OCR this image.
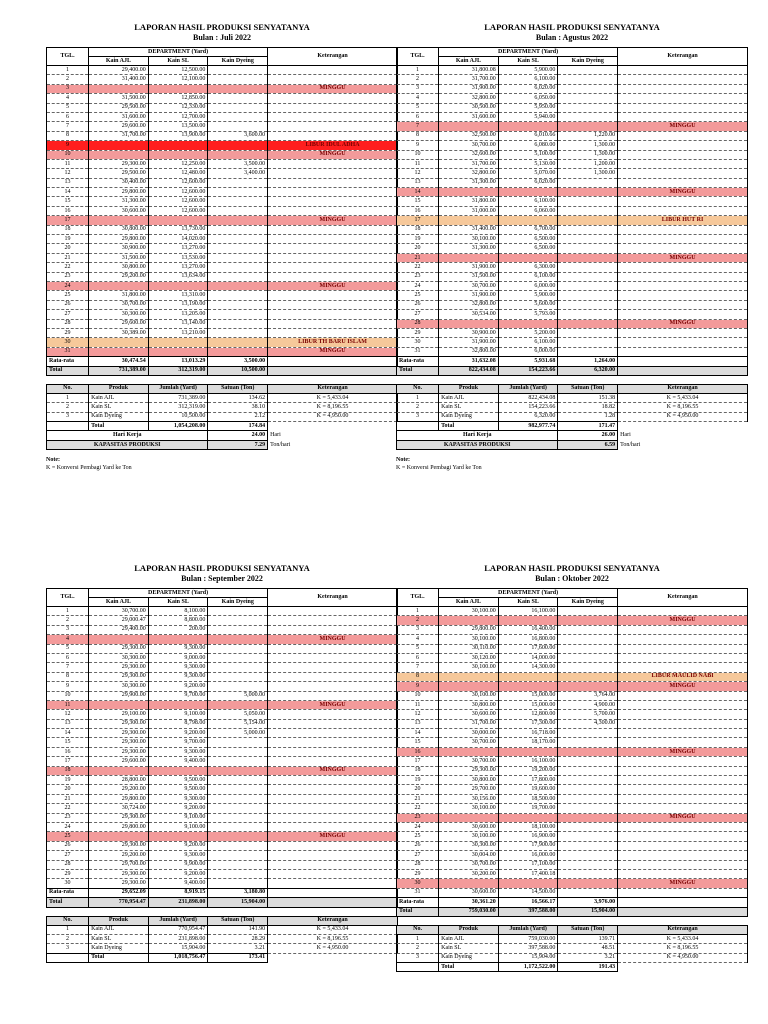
LAPORAN HASIL PRODUKSI SENYATANYA
Bulan : Juli 2022
TGL.	DEPARTMENT (Yard)			Keterangan
	Kain AJL	Kain SL	Kain Dyeing	
1	29,400.00	12,500.00		
2	31,400.00	12,100.00		
3				MINGGU
4	31,500.00	12,850.00		
5	29,500.00	12,330.00		
6	31,600.00	12,700.00		
7	29,600.00	13,500.00		
8	31,700.00	13,900.00	3,600.00	
9				LIBUR IDUL ADHA
10				MINGGU
11	29,300.00	12,250.00	3,500.00	
12	29,500.00	12,480.00	3,400.00	
13	30,400.00	12,600.00		
14	29,800.00	12,600.00		
15	31,300.00	12,600.00		
16	30,600.00	12,600.00		
17				MINGGU
18	30,800.00	13,730.00		
19	29,800.00	14,020.00		
20	30,900.00	13,270.00		
21	31,500.00	13,530.00		
22	30,800.00	13,270.00		
23	29,200.00	13,634.00		
24				MINGGU
25	31,800.00	13,310.00		
26	30,700.00	13,190.00		
27	30,300.00	13,205.00		
28	29,600.00	13,140.00		
29	30,389.00	13,210.00		
30				LIBUR TH BARU ISLAM
31				MINGGU
Rata-rata	30,474.54	13,013.29	3,500.00	
Total	731,389.00	312,319.00	10,500.00	
No.	Produk	Jumlah (Yard)	Satuan (Ton)	Keterangan
1	Kain AJL	731,389.00	134.62	K = 5,433.04
2	Kain SL	312,319.00	38.10	K = 8,196.55
3	Kain Dyeing	10,500.00	2.12	K = 4,950.00
	Total	1,054,208.00	174.84	
Hari Kerja			24.00	Hari
KAPASITAS PRODUKSI			7.29	Ton/hari
Note:
K = Konversi Pembagi Yard ke Ton
LAPORAN HASIL PRODUKSI SENYATANYA
Bulan : Agustus 2022
TGL.	DEPARTMENT (Yard)			Keterangan
	Kain AJL	Kain SL	Kain Dyeing	
1	31,800.08	5,900.00		
2	31,700.00	6,100.00		
3	31,900.00	6,020.00		
4	32,800.00	6,050.00		
5	30,500.00	5,950.00		
6	31,600.00	5,940.00		
7				MINGGU
8	32,500.00	6,010.66	1,220.00	
9	30,700.00	6,080.00	1,300.00	
10	32,600.00	5,100.00	1,300.00	
11	31,700.00	5,130.00	1,200.00	
12	32,800.00	5,070.00	1,300.00	
13	31,300.00	6,020.00		
14				MINGGU
15	31,800.00	6,100.00		
16	31,000.00	6,060.00		
17				LIBUR HUT RI
18	31,400.00	6,700.00		
19	30,100.00	6,500.00		
20	31,300.00	6,500.00		
21				MINGGU
22	31,900.00	6,300.00		
23	31,500.00	6,100.00		
24	30,700.00	6,000.00		
25	31,900.00	5,900.00		
26	32,800.00	5,600.00		
27	30,534.00	5,793.00		
28				MINGGU
29	30,900.00	5,200.00		
30	31,900.00	6,100.00		
31	32,800.00	6,000.00		
Rata-rata	31,632.08	5,931.68	1,264.00	
Total	822,434.08	154,223.66	6,320.00	
No.	Produk	Jumlah (Yard)	Satuan (Ton)	Keterangan
1	Kain AJL	822,434.08	151.38	K = 5,433.04
2	Kain SL	154,223.66	18.82	K = 8,196.55
3	Kain Dyeing	6,320.00	1.28	K = 4,950.00
	Total	982,977.74	171.47	
Hari Kerja			26.00	Hari
KAPASITAS PRODUKSI			6.59	Ton/hari
Note:
K = Konversi Pembagi Yard ke Ton
LAPORAN HASIL PRODUKSI SENYATANYA
Bulan : September 2022
TGL.	DEPARTMENT (Yard)			Keterangan
	Kain AJL	Kain SL	Kain Dyeing	
1	30,700.00	8,100.00		
2	29,000.47	8,800.00		
3	29,400.00	200.00		
4				MINGGU
5	29,300.00	9,300.00		
6	30,300.00	9,000.00		
7	29,300.00	9,300.00		
8	29,300.00	9,300.00		
9	30,300.00	9,200.00		
10	29,900.00	9,700.00	5,000.00	
11				MINGGU
12	29,100.00	9,100.00	5,050.00	
13	29,300.00	8,798.00	5,154.00	
14	29,300.00	9,200.00	5,000.00	
15	29,300.00	9,700.00		
16	29,300.00	9,300.00		
17	29,600.00	9,400.00		
18				MINGGU
19	28,800.00	9,500.00		
20	29,200.00	9,500.00		
21	29,800.00	9,300.00		
22	30,724.00	9,200.00		
23	29,300.00	9,100.00		
24	29,800.00	9,100.00		
25				MINGGU
26	29,300.00	9,200.00		
27	29,200.00	9,300.00		
28	29,700.00	9,900.00		
29	29,300.00	9,200.00		
30	29,300.00	9,400.00		
Rata-rata	29,652.09	8,919.15	3,180.80	
Total	770,954.47	231,898.00	15,904.00	
No.	Produk	Jumlah (Yard)	Satuan (Ton)	Keterangan
1	Kain AJL	770,954.47	141.90	K = 5,433.04
2	Kain SL	231,898.00	28.29	K = 8,196.55
3	Kain Dyeing	15,904.00	3.21	K = 4,950.00
	Total	1,018,756.47	173.41	
LAPORAN HASIL PRODUKSI SENYATANYA
Bulan : Oktober 2022
TGL.	DEPARTMENT (Yard)			Keterangan
	Kain AJL	Kain SL	Kain Dyeing	
1	30,100.00	16,100.00		
2				MINGGU
3	29,800.00	16,400.00		
4	30,100.00	16,800.00		
5	30,110.00	17,600.00		
6	30,120.00	14,000.00		
7	30,100.00	14,300.00		
8				LIBUR MAULID NABI
9				MINGGU
10	30,100.00	15,000.00	3,764.00	
11	30,800.00	15,000.00	4,900.00	
12	30,600.00	12,800.00	5,700.00	
13	31,700.00	17,300.00	4,300.00	
14	30,000.00	16,718.00		
15	30,700.00	18,170.00		
16				MINGGU
17	30,700.00	16,100.00		
18	29,300.00	19,200.00		
19	30,800.00	17,800.00		
20	29,700.00	19,600.00		
21	30,156.00	18,500.00		
22	30,100.00	19,700.00		
23				MINGGU
24	30,600.00	18,100.00		
25	30,100.00	16,900.00		
26	30,300.00	17,900.00		
27	30,004.00	16,000.00		
28	30,700.00	17,100.00		
29	30,200.00	17,400.18		
30				MINGGU
31	30,600.00	14,500.00		
Rata-rata	30,361.20	16,566.17	3,976.00	
Total	759,030.00	397,588.00	15,904.00	
No.	Produk	Jumlah (Yard)	Satuan (Ton)	Keterangan
1	Kain AJL	759,030.00	139.71	K = 5,433.04
2	Kain SL	397,588.00	48.51	K = 8,196.55
3	Kain Dyeing	15,904.00	3.21	K = 4,950.00
	Total	1,172,522.00	191.43	
